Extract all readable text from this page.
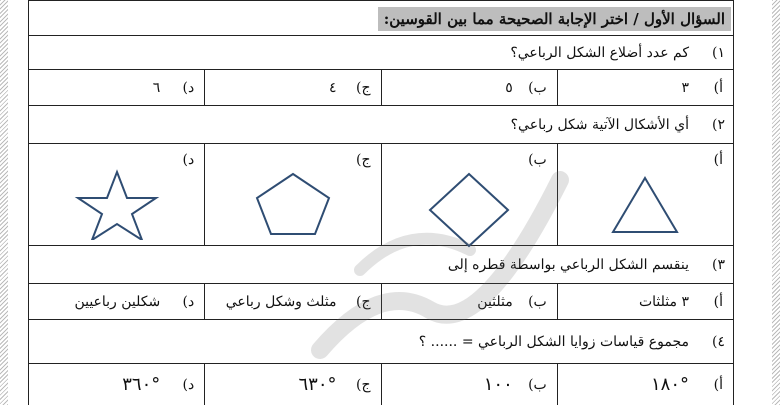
السؤال الأول / اختر الإجابة الصحيحة مما بين القوسين:
١)
كم عدد أضلاع الشكل الرباعي؟
أ)
٣
ب)
٥
ج)
٤
د)
٦
٢)
أي الأشكال الآتية شكل رباعي؟
أ)
ب)
ج)
د)
٣)
ينقسم الشكل الرباعي بواسطة قطره إلى
أ)
٣ مثلثات
ب)
مثلثين
ج)
مثلث وشكل رباعي
د)
شكلين رباعيين
٤)
مجموع قياسات زوايا الشكل الرباعي = ...... ؟
أ)
°١٨٠
ب)
١٠٠
ج)
°٦٣٠
د)
°٣٦٠
